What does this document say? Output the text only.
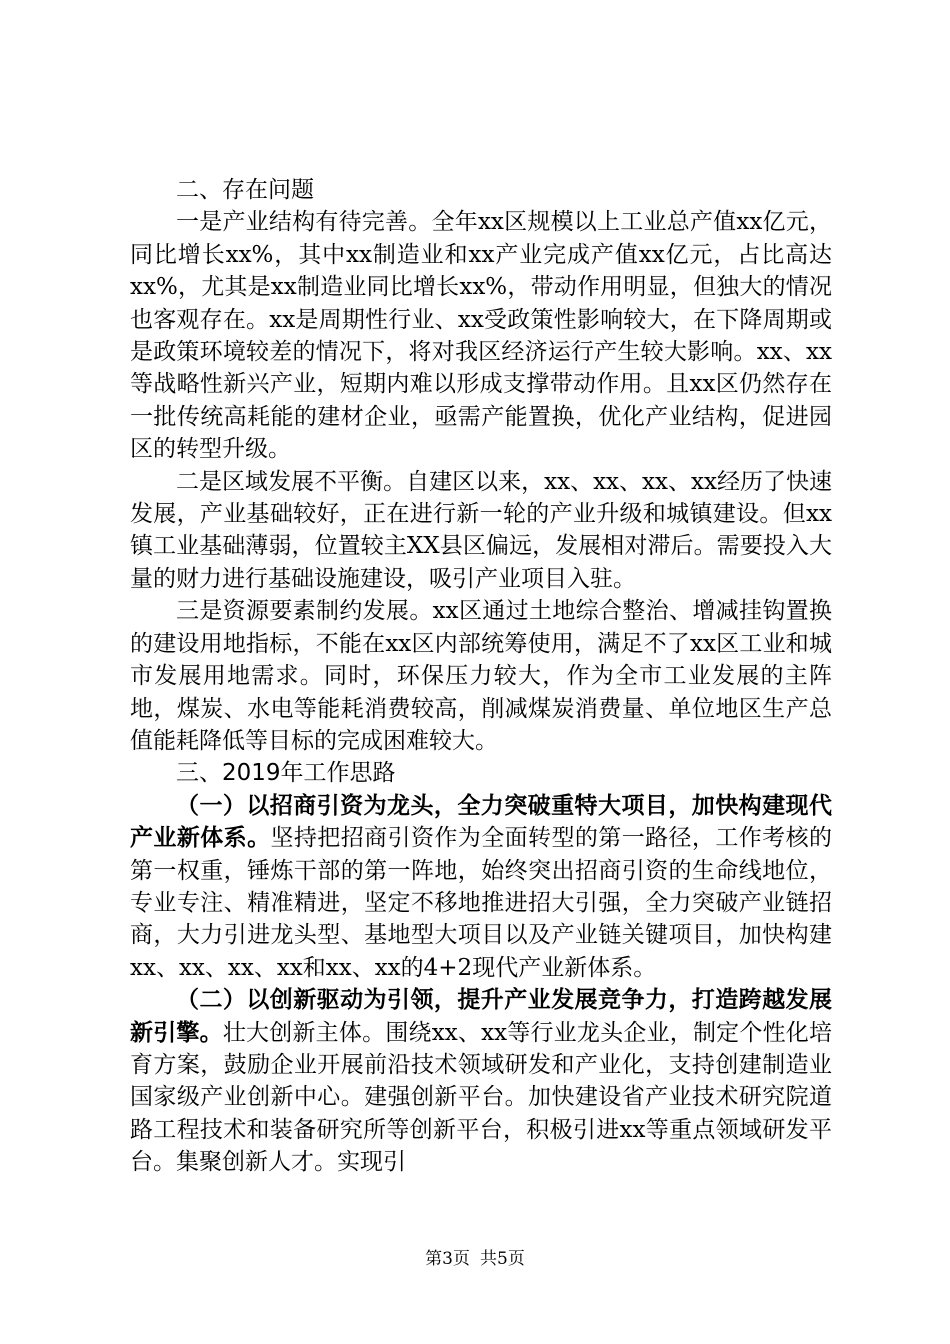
二、存在问题

一是产业结构有待完善。全年xx区规模以上工业总产值xx亿元，同比增长xx%，其中xx制造业和xx产业完成产值xx亿元，占比高达xx%，尤其是xx制造业同比增长xx%，带动作用明显，但独大的情况也客观存在。xx是周期性行业、xx受政策性影响较大，在下降周期或是政策环境较差的情况下，将对我区经济运行产生较大影响。xx、xx等战略性新兴产业，短期内难以形成支撑带动作用。且xx区仍然存在一批传统高耗能的建材企业，亟需产能置换，优化产业结构，促进园区的转型升级。

二是区域发展不平衡。自建区以来，xx、xx、xx、xx经历了快速发展，产业基础较好，正在进行新一轮的产业升级和城镇建设。但xx镇工业基础薄弱，位置较主XX县区偏远，发展相对滞后。需要投入大量的财力进行基础设施建设，吸引产业项目入驻。

三是资源要素制约发展。xx区通过土地综合整治、增减挂钩置换的建设用地指标，不能在xx区内部统筹使用，满足不了xx区工业和城市发展用地需求。同时，环保压力较大，作为全市工业发展的主阵地，煤炭、水电等能耗消费较高，削减煤炭消费量、单位地区生产总值能耗降低等目标的完成困难较大。

三、2019年工作思路

（一）以招商引资为龙头，全力突破重特大项目，加快构建现代产业新体系。坚持把招商引资作为全面转型的第一路径，工作考核的第一权重，锤炼干部的第一阵地，始终突出招商引资的生命线地位，专业专注、精准精进，坚定不移地推进招大引强，全力突破产业链招商，大力引进龙头型、基地型大项目以及产业链关键项目，加快构建xx、xx、xx、xx和xx、xx的4+2现代产业新体系。

（二）以创新驱动为引领，提升产业发展竞争力，打造跨越发展新引擎。壮大创新主体。围绕xx、xx等行业龙头企业，制定个性化培育方案，鼓励企业开展前沿技术领域研发和产业化，支持创建制造业国家级产业创新中心。建强创新平台。加快建设省产业技术研究院道路工程技术和装备研究所等创新平台，积极引进xx等重点领域研发平台。集聚创新人才。实现引

第3页 共5页
